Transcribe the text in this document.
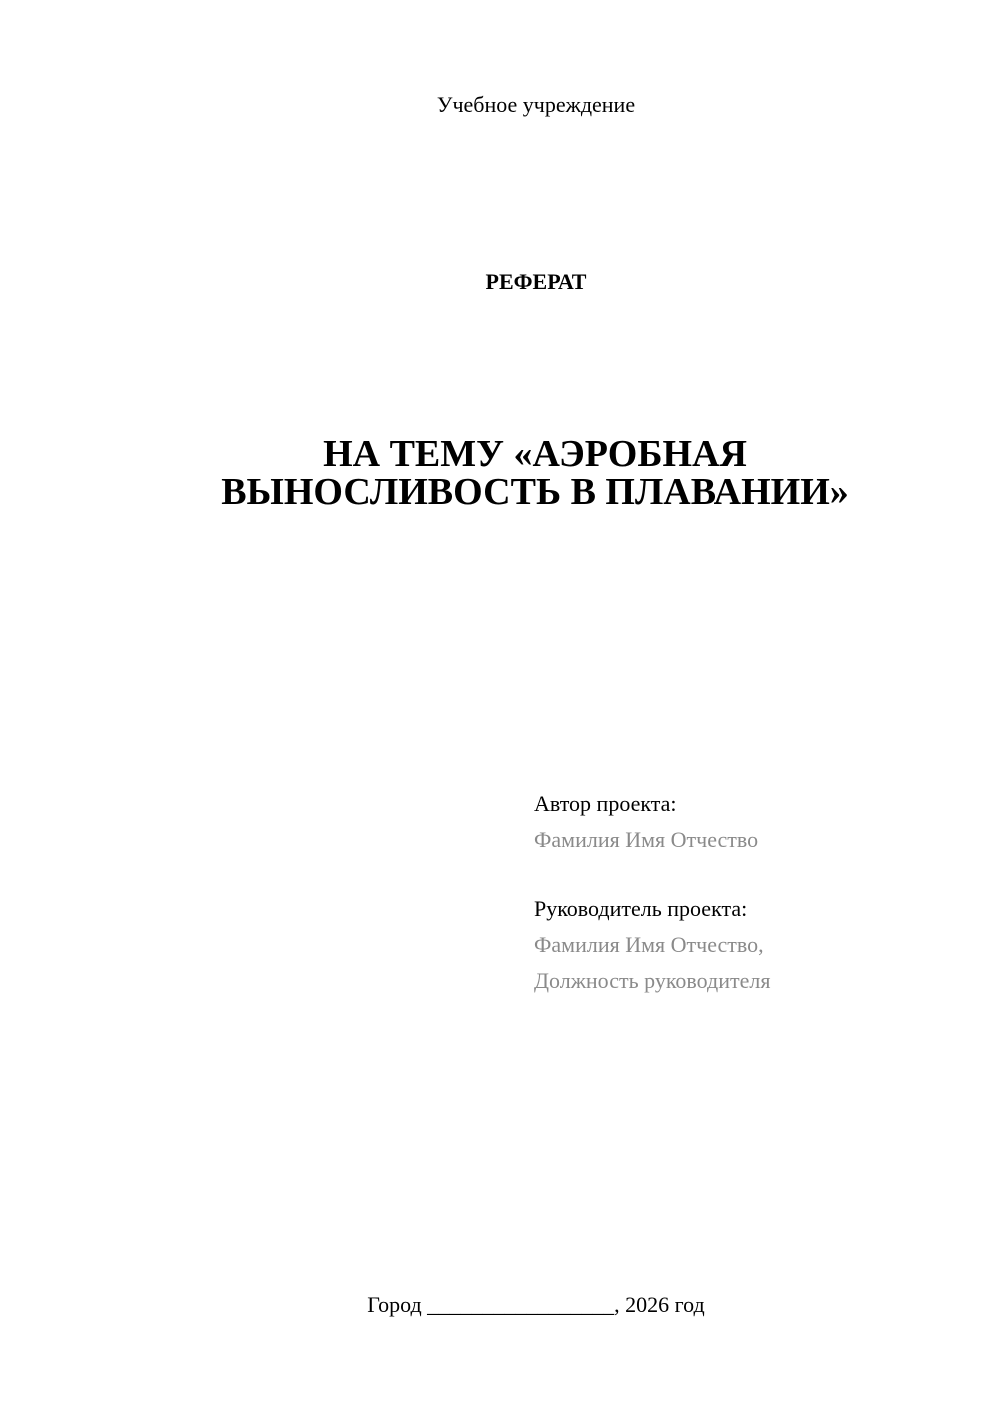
Учебное учреждение
РЕФЕРАТ
НА ТЕМУ «АЭРОБНАЯ
ВЫНОСЛИВОСТЬ В ПЛАВАНИИ»
Автор проекта:
Фамилия Имя Отчество
Руководитель проекта:
Фамилия Имя Отчество,
Должность руководителя
Город _________________, 2026 год
